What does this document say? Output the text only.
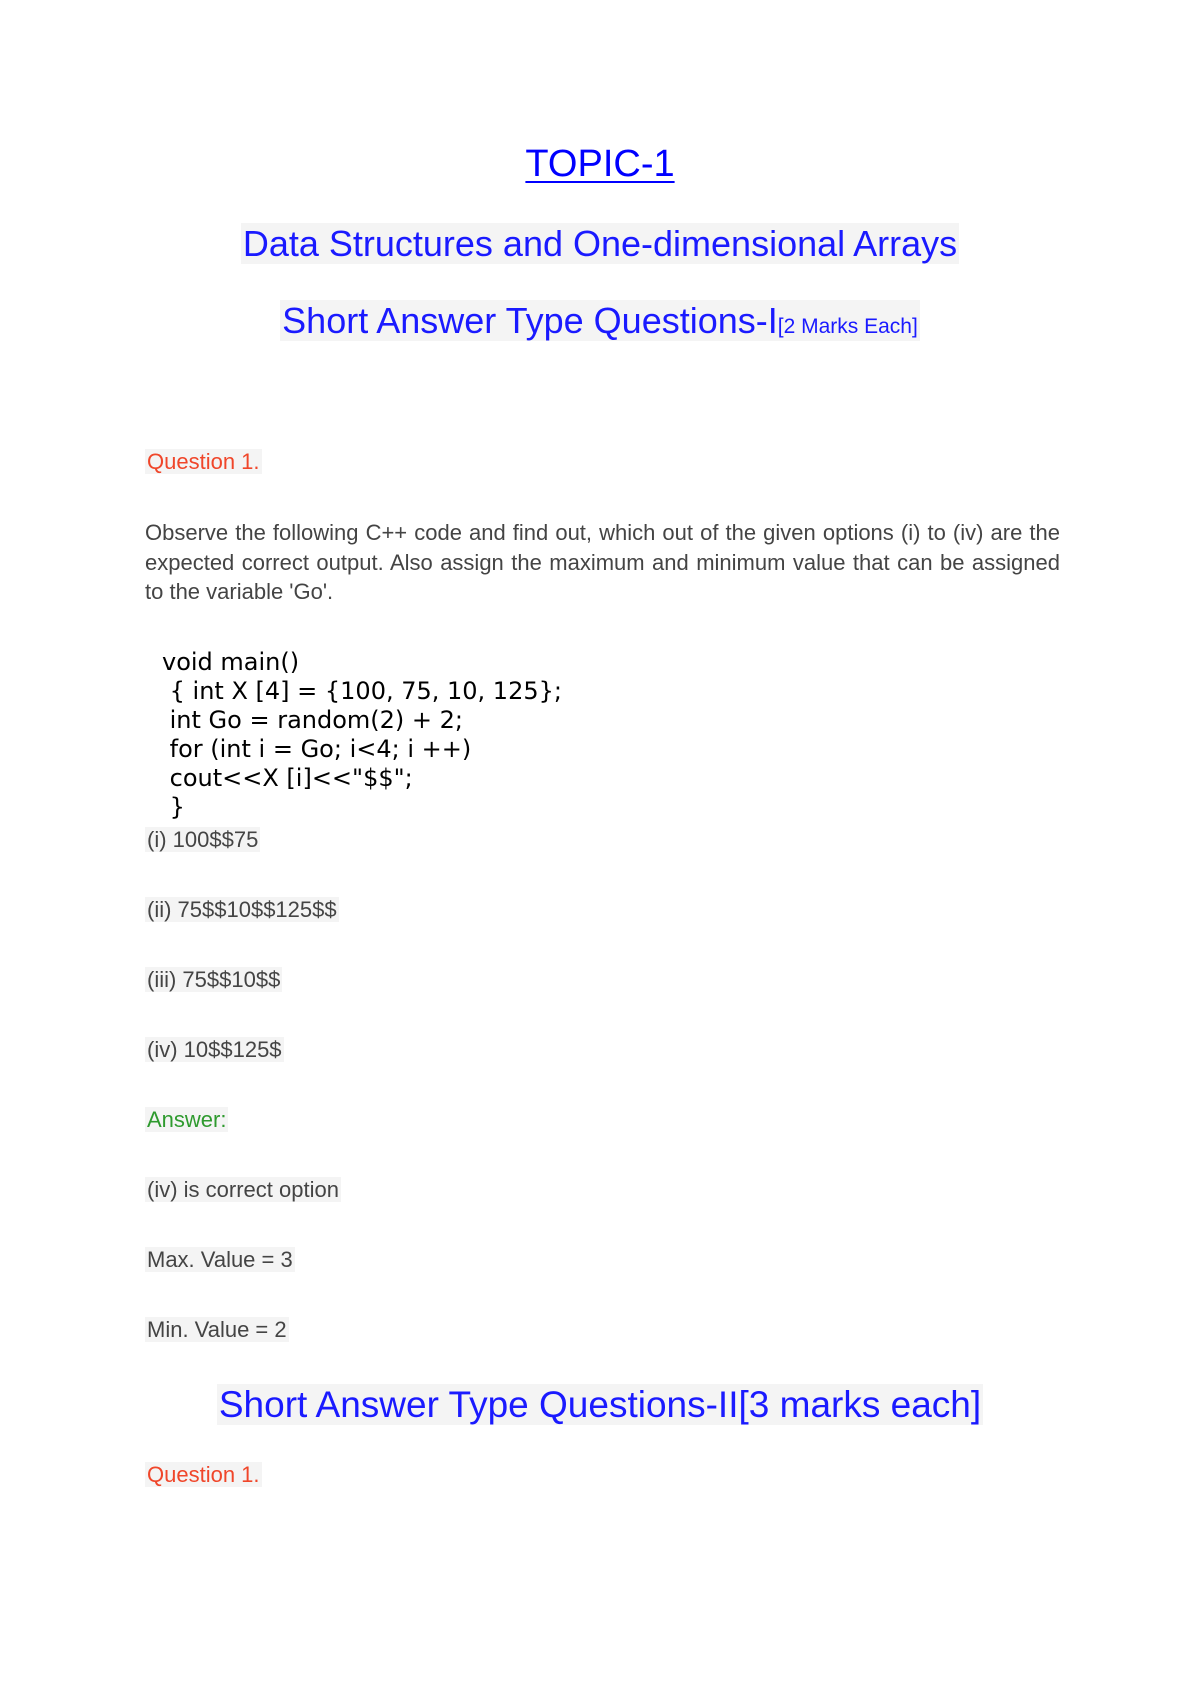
TOPIC-1
Data Structures and One-dimensional Arrays
Short Answer Type Questions-I[2 Marks Each]
Question 1.
Observe the following C++ code and find out, which out of the given options (i) to (iv) are the expected correct output. Also assign the maximum and minimum value that can be assigned to the variable 'Go'.
void main()
{ int X [4] = {100, 75, 10, 125};
int Go = random(2) + 2;
for (int i = Go; i<4; i ++)
cout<<X [i]<<"$$";
}
(i) 100$$75
(ii) 75$$10$$125$$
(iii) 75$$10$$
(iv) 10$$125$
Answer:
(iv) is correct option
Max. Value = 3
Min. Value = 2
Short Answer Type Questions-II[3 marks each]
Question 1.
